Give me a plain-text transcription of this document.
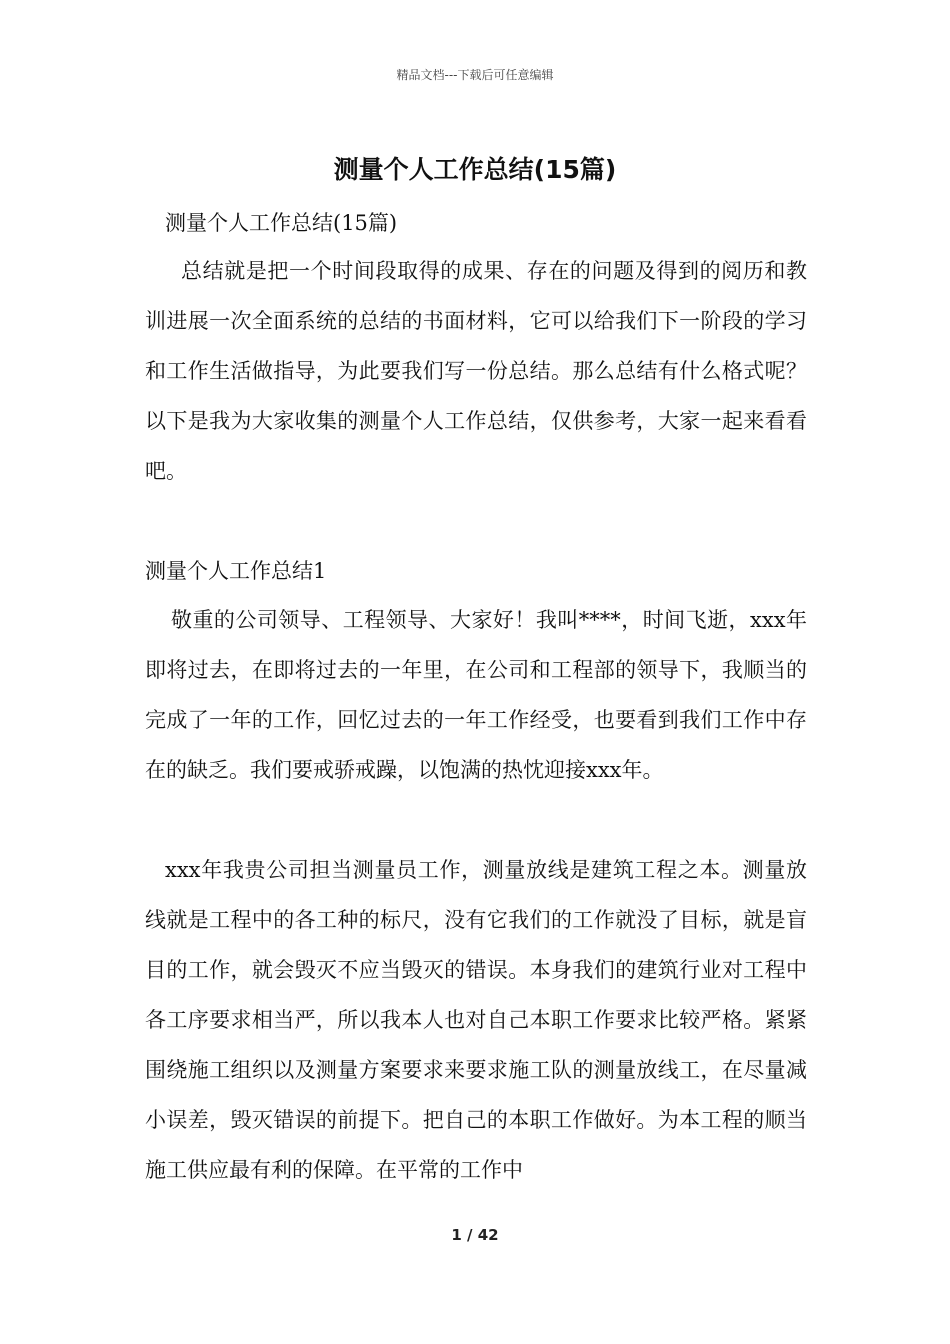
精品文档---下载后可任意编辑
测量个人工作总结(15篇)

测量个人工作总结(15篇)

总结就是把一个时间段取得的成果、存在的问题及得到的阅历和教训进展一次全面系统的总结的书面材料，它可以给我们下一阶段的学习和工作生活做指导，为此要我们写一份总结。那么总结有什么格式呢？以下是我为大家收集的测量个人工作总结，仅供参考，大家一起来看看吧。

测量个人工作总结1

敬重的公司领导、工程领导、大家好！我叫****，时间飞逝，xxx年即将过去，在即将过去的一年里，在公司和工程部的领导下，我顺当的完成了一年的工作，回忆过去的一年工作经受，也要看到我们工作中存在的缺乏。我们要戒骄戒躁，以饱满的热忱迎接xxx年。

xxx年我贵公司担当测量员工作，测量放线是建筑工程之本。测量放线就是工程中的各工种的标尺，没有它我们的工作就没了目标，就是盲目的工作，就会毁灭不应当毁灭的错误。本身我们的建筑行业对工程中各工序要求相当严，所以我本人也对自己本职工作要求比较严格。紧紧围绕施工组织以及测量方案要求来要求施工队的测量放线工，在尽量减小误差，毁灭错误的前提下。把自己的本职工作做好。为本工程的顺当施工供应最有利的保障。在平常的工作中

1 / 42
